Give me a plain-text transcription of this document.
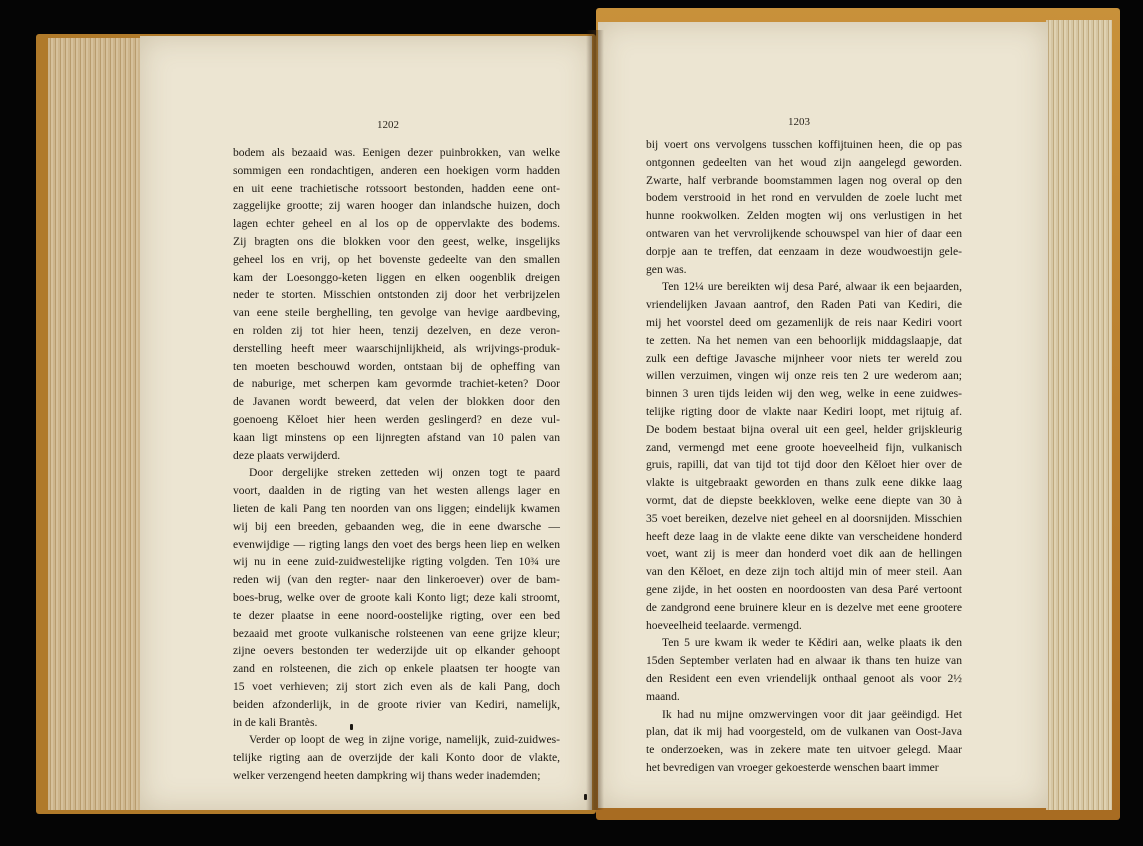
1202
bodem als bezaaid was. Eenigen dezer puinbrokken, van welke
sommigen een rondachtigen, anderen een hoekigen vorm hadden
en uit eene trachietische rotssoort bestonden, hadden eene ont-
zaggelijke grootte; zij waren hooger dan inlandsche huizen, doch
lagen echter geheel en al los op de oppervlakte des bodems.
Zij bragten ons die blokken voor den geest, welke, insgelijks
geheel los en vrij, op het bovenste gedeelte van den smallen
kam der Loesonggo-keten liggen en elken oogenblik dreigen
neder te storten. Misschien ontstonden zij door het verbrijzelen
van eene steile berghelling, ten gevolge van hevige aardbeving,
en rolden zij tot hier heen, tenzij dezelven, en deze veron-
derstelling heeft meer waarschijnlijkheid, als wrijvings-produk-
ten moeten beschouwd worden, ontstaan bij de opheffing van
de naburige, met scherpen kam gevormde trachiet-keten? Door
de Javanen wordt beweerd, dat velen der blokken door den
goenoeng Kěloet hier heen werden geslingerd? en deze vul-
kaan ligt minstens op een lijnregten afstand van 10 palen van
deze plaats verwijderd.
Door dergelijke streken zetteden wij onzen togt te paard
voort, daalden in de rigting van het westen allengs lager en
lieten de kali Pang ten noorden van ons liggen; eindelijk kwamen
wij bij een breeden, gebaanden weg, die in eene dwarsche —
evenwijdige — rigting langs den voet des bergs heen liep en welken
wij nu in eene zuid-zuidwestelijke rigting volgden. Ten 10¾ ure
reden wij (van den regter- naar den linkeroever) over de bam-
boes-brug, welke over de groote kali Konto ligt; deze kali stroomt,
te dezer plaatse in eene noord-oostelijke rigting, over een bed
bezaaid met groote vulkanische rolsteenen van eene grijze kleur;
zijne oevers bestonden ter wederzijde uit op elkander gehoopt
zand en rolsteenen, die zich op enkele plaatsen ter hoogte van
15 voet verhieven; zij stort zich even als de kali Pang, doch
beiden afzonderlijk, in de groote rivier van Kediri, namelijk,
in de kali Brantès.
Verder op loopt de weg in zijne vorige, namelijk, zuid-zuidwes-
telijke rigting aan de overzijde der kali Konto door de vlakte,
welker verzengend heeten dampkring wij thans weder inademden;
1203
bij voert ons vervolgens tusschen koffijtuinen heen, die op pas
ontgonnen gedeelten van het woud zijn aangelegd geworden.
Zwarte, half verbrande boomstammen lagen nog overal op den
bodem verstrooid in het rond en vervulden de zoele lucht met
hunne rookwolken. Zelden mogten wij ons verlustigen in het
ontwaren van het vervrolijkende schouwspel van hier of daar een
dorpje aan te treffen, dat eenzaam in deze woudwoestijn gele-
gen was.
Ten 12¼ ure bereikten wij desa Paré, alwaar ik een bejaarden,
vriendelijken Javaan aantrof, den Raden Pati van Kediri, die
mij het voorstel deed om gezamenlijk de reis naar Kediri voort
te zetten. Na het nemen van een behoorlijk middagslaapje, dat
zulk een deftige Javasche mijnheer voor niets ter wereld zou
willen verzuimen, vingen wij onze reis ten 2 ure wederom aan;
binnen 3 uren tijds leiden wij den weg, welke in eene zuidwes-
telijke rigting door de vlakte naar Kediri loopt, met rijtuig af.
De bodem bestaat bijna overal uit een geel, helder grijskleurig
zand, vermengd met eene groote hoeveelheid fijn, vulkanisch
gruis, rapilli, dat van tijd tot tijd door den Kěloet hier over de
vlakte is uitgebraakt geworden en thans zulk eene dikke laag
vormt, dat de diepste beekkloven, welke eene diepte van 30 à
35 voet bereiken, dezelve niet geheel en al doorsnijden. Misschien
heeft deze laag in de vlakte eene dikte van verscheidene honderd
voet, want zij is meer dan honderd voet dik aan de hellingen
van den Kěloet, en deze zijn toch altijd min of meer steil. Aan
gene zijde, in het oosten en noordoosten van desa Paré vertoont
de zandgrond eene bruinere kleur en is dezelve met eene grootere
hoeveelheid teelaarde. vermengd.
Ten 5 ure kwam ik weder te Kědiri aan, welke plaats ik den
15den September verlaten had en alwaar ik thans ten huize van
den Resident een even vriendelijk onthaal genoot als voor 2½
maand.
Ik had nu mijne omzwervingen voor dit jaar geëindigd. Het
plan, dat ik mij had voorgesteld, om de vulkanen van Oost-Java
te onderzoeken, was in zekere mate ten uitvoer gelegd. Maar
het bevredigen van vroeger gekoesterde wenschen baart immer
